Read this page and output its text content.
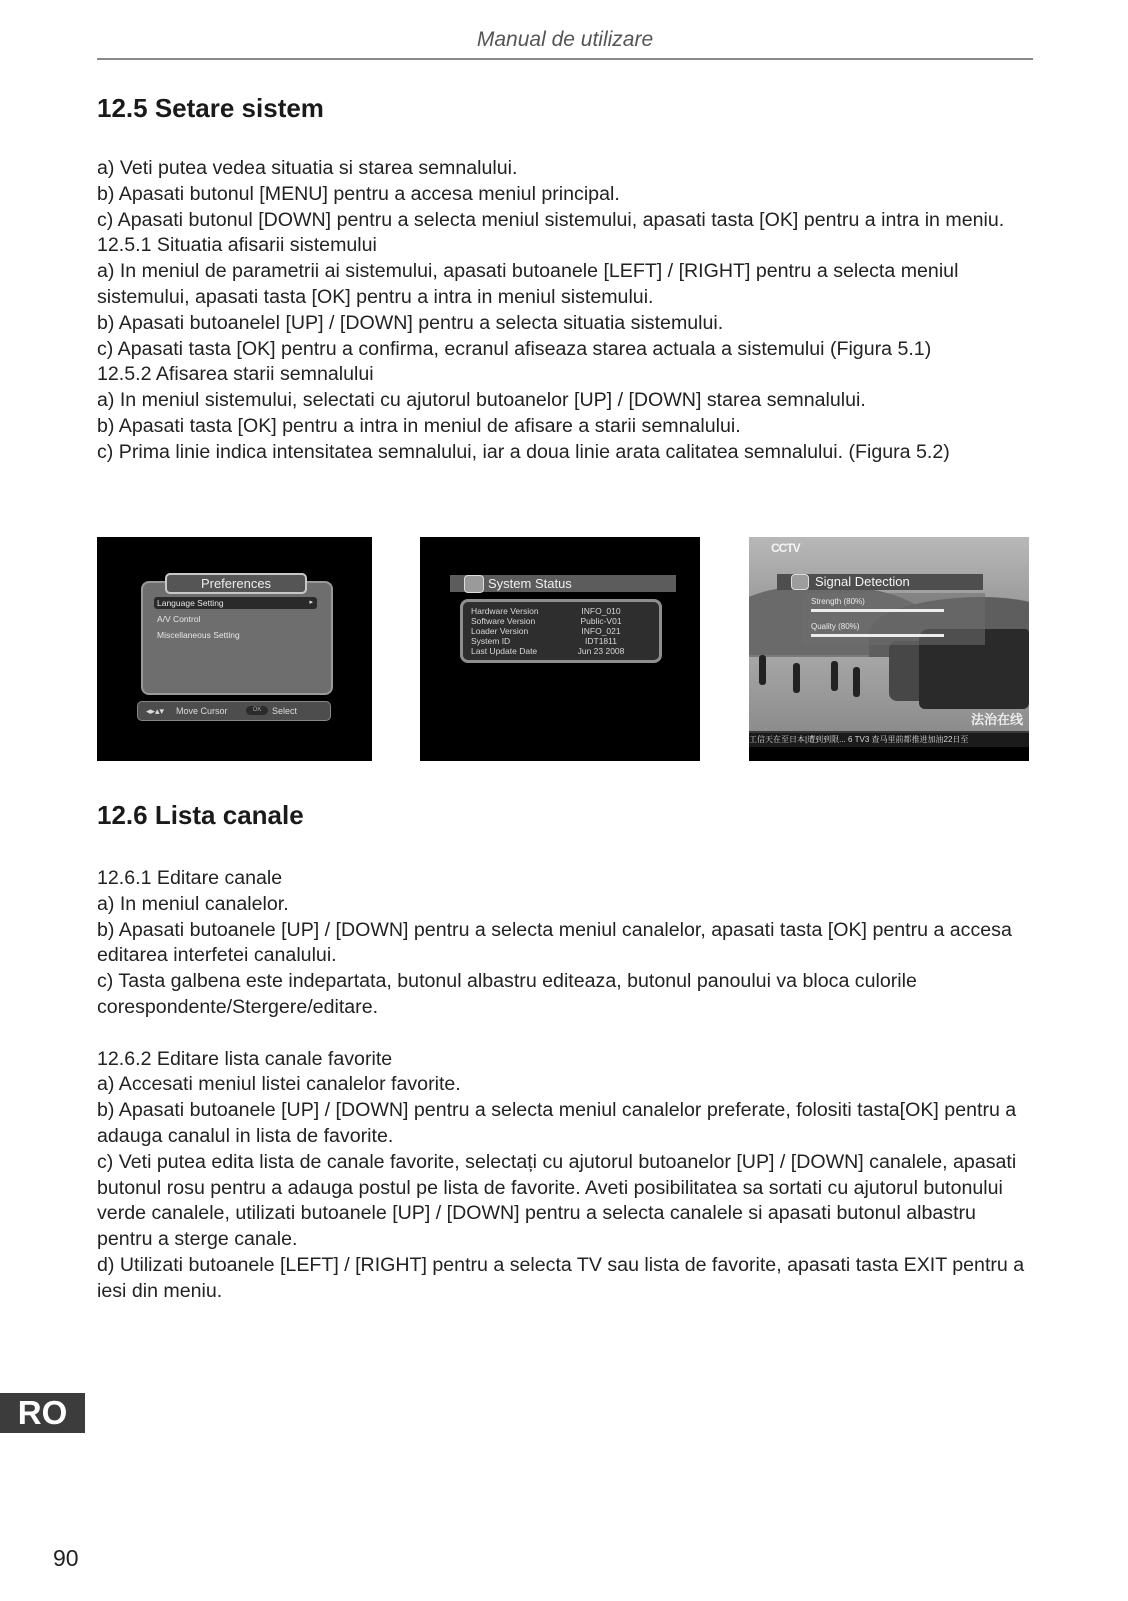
Manual de utilizare
12.5 Setare sistem

a) Veti putea vedea situatia si starea semnalului.

b) Apasati butonul [MENU] pentru a accesa meniul principal.

c) Apasati butonul [DOWN] pentru a selecta meniul sistemului, apasati tasta [OK] pentru a intra in meniu.

12.5.1 Situatia afisarii sistemului

a) In meniul de parametrii ai sistemului, apasati butoanele [LEFT] / [RIGHT] pentru a selecta meniul sistemului, apasati tasta [OK] pentru a intra in meniul sistemului.

b) Apasati butoanelel [UP] / [DOWN] pentru a selecta situatia sistemului.

c) Apasati tasta [OK] pentru a confirma, ecranul afiseaza starea actuala a sistemului (Figura 5.1)

12.5.2 Afisarea starii semnalului

a) In meniul sistemului, selectati cu ajutorul butoanelor [UP] / [DOWN] starea semnalului.

b) Apasati tasta [OK] pentru a intra in meniul de afisare a starii semnalului.

c) Prima linie indica intensitatea semnalului, iar a doua linie arata calitatea semnalului. (Figura 5.2)

Preferences
Language Setting	▸
A/V Control
Miscellaneous Setting
◂▸▴▾ Move Cursor	OK	Select
System Status
Hardware Version	INFO_010
Software Version	Public-V01
Loader Version	INFO_021
System ID	IDT1811
Last Update Date	Jun 23 2008
CCTV
Signal Detection
Strength (80%)
Quality (80%)
法治在线
工信天在至日本|遭到到限... 6 TV3 查马里前都推进加油22日至
12.6 Lista canale

12.6.1 Editare canale

a) In meniul canalelor.

b) Apasati butoanele [UP] / [DOWN] pentru a selecta meniul canalelor, apasati tasta [OK] pentru a accesa editarea interfetei canalului.

c) Tasta galbena este indepartata, butonul albastru editeaza, butonul panoului va bloca culorile corespondente/Stergere/editare.

12.6.2 Editare lista canale favorite

a) Accesati meniul listei canalelor favorite.

b) Apasati butoanele [UP] / [DOWN] pentru a selecta meniul canalelor preferate, folositi tasta[OK] pentru a adauga canalul in lista de favorite.

c) Veti putea edita lista de canale favorite, selectați cu ajutorul butoanelor [UP] / [DOWN] canalele, apasati butonul rosu pentru a adauga postul pe lista de favorite. Aveti posibilitatea sa sortati cu ajutorul butonului verde canalele, utilizati butoanele [UP] / [DOWN] pentru a selecta canalele si apasati butonul albastru pentru a sterge canale.

d) Utilizati butoanele [LEFT] / [RIGHT] pentru a selecta TV sau lista de favorite, apasati tasta EXIT pentru a iesi din meniu.

RO
90
